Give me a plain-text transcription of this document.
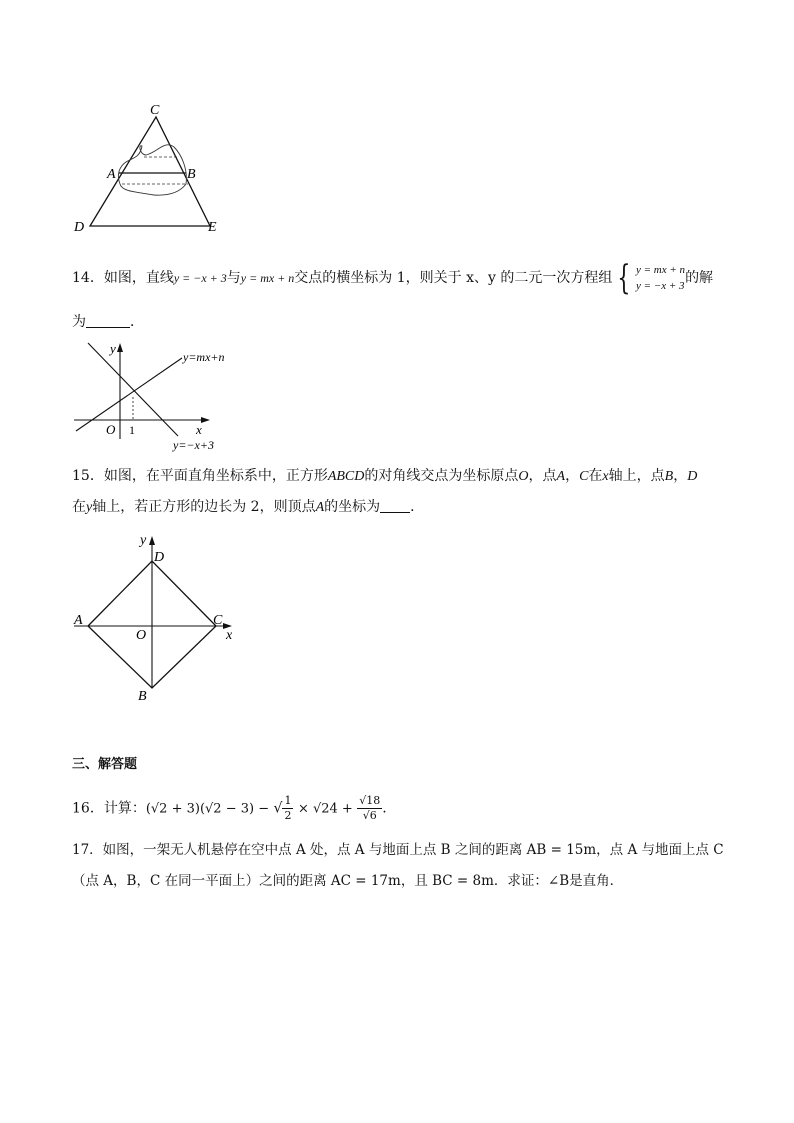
C
A	B
D	E
14．如图，直线y = −x + 3与y = mx + n交点的横坐标为 1，则关于 x、y 的二元一次方程组 { y = mx + n
y = −x + 3 的解
为	．
y
x
O 1
y=mx+n
y=−x+3
15．如图，在平面直角坐标系中，正方形ABCD的对角线交点为坐标原点O，点A，C在x轴上，点B，D
在y轴上，若正方形的边长为 2，则顶点A的坐标为 ．
y
D
A	C
x
O
B
三、解答题
16．计算：(√2 + 3)(√2 − 3) − √ $\frac{1}{2} \times √24 + \frac{√18}{√6}$ .
17．如图，一架无人机悬停在空中点 A 处，点 A 与地面上点 B 之间的距离 AB = 15m，点 A 与地面上点 C
（点 A，B，C 在同一平面上）之间的距离 AC = 17m，且 BC = 8m．求证：∠B是直角．
